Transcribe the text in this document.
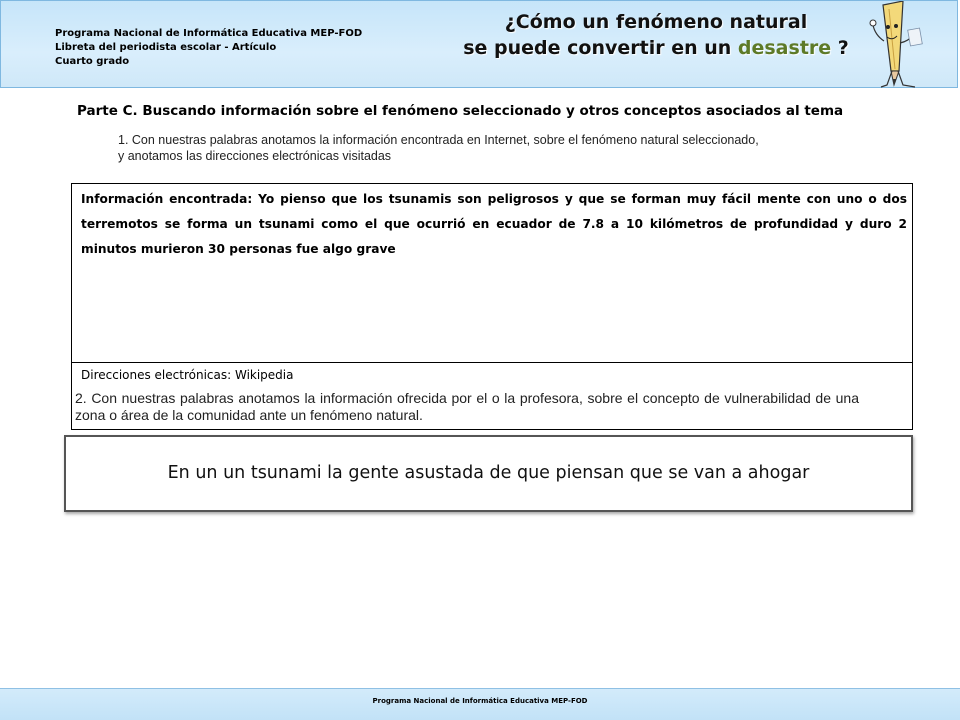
Programa Nacional de Informática Educativa MEP-FOD
Libreta del periodista escolar - Artículo
Cuarto grado
¿Cómo un fenómeno natural
se puede convertir en un desastre ?
Parte C. Buscando información sobre el fenómeno seleccionado y otros conceptos asociados al tema
1. Con nuestras palabras anotamos la información encontrada en Internet, sobre el fenómeno natural seleccionado,
y anotamos las direcciones electrónicas visitadas
Información encontrada: Yo pienso que los tsunamis son peligrosos y que se forman muy fácil mente con uno o dos terremotos se forma un tsunami como el que ocurrió en ecuador de 7.8 a 10 kilómetros de profundidad y duro 2 minutos murieron 30 personas fue algo grave
Direcciones electrónicas: Wikipedia
2. Con nuestras palabras anotamos la información ofrecida por el o la profesora, sobre el concepto de vulnerabilidad de una zona o área de la comunidad ante un fenómeno natural.
En un un tsunami la gente asustada de que piensan que se van a ahogar
Programa Nacional de Informática Educativa MEP-FOD
